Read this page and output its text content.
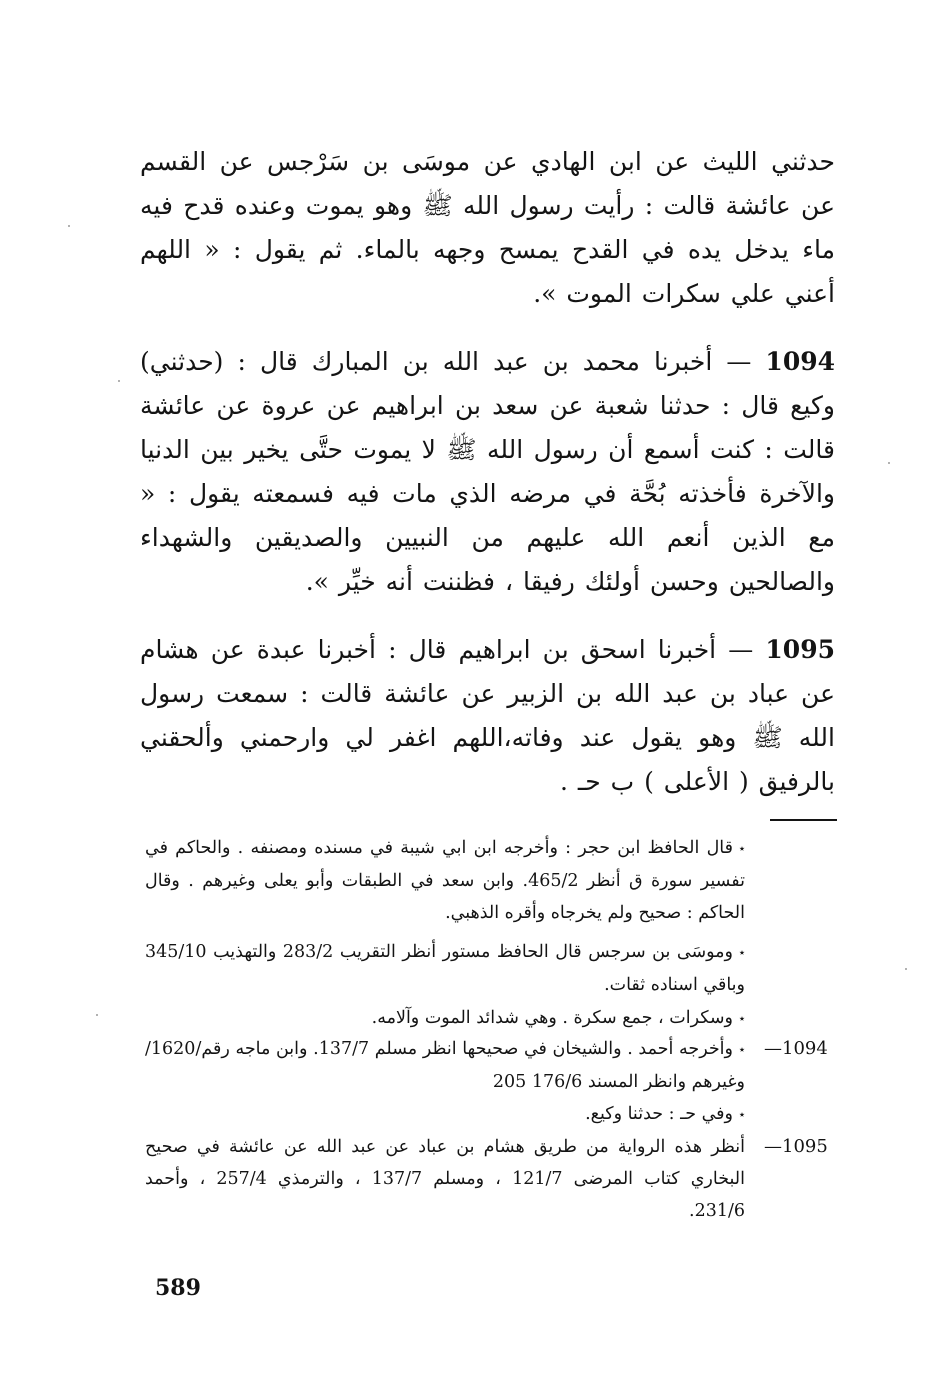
حدثني الليث عن ابن الهادي عن موسَى بن سَرْجس عن القسم عن عائشة قالت : رأيت رسول الله ﷺ وهو يموت وعنده قدح فيه ماء يدخل يده في القدح يمسح وجهه بالماء. ثم يقول : « اللهم أعني علي سكرات الموت ».

1094 — أخبرنا محمد بن عبد الله بن المبارك قال : (حدثني) وكيع قال : حدثنا شعبة عن سعد بن ابراهيم عن عروة عن عائشة قالت : كنت أسمع أن رسول الله ﷺ لا يموت حتَّى يخير بين الدنيا والآخرة فأخذته بُحَّة في مرضه الذي مات فيه فسمعته يقول : « مع الذين أنعم الله عليهم من النبيين والصديقين والشهداء والصالحين وحسن أولئك رفيقا ، فظننت أنه خيِّر ».

1095 — أخبرنا اسحق بن ابراهيم قال : أخبرنا عبدة عن هشام عن عباد بن عبد الله بن الزبير عن عائشة قالت : سمعت رسول الله ﷺ وهو يقول عند وفاته،اللهم اغفر لي وارحمني وألحقني بالرفيق ( الأعلى ) ب حـ .

٭قال الحافظ ابن حجر : وأخرجه ابن ابي شيبة في مسنده ومصنفه . والحاكم في تفسير سورة ق أنظر 465/2. وابن سعد في الطبقات وأبو يعلى وغيرهم . وقال الحاكم : صحيح ولم يخرجاه وأقره الذهبي.

٭وموسَى بن سرجس قال الحافظ مستور أنظر التقريب 283/2 والتهذيب 345/10 وباقي اسناده ثقات.

٭وسكرات ، جمع سكرة . وهي شدائد الموت وآلامه.

—1094

٭وأخرجه أحمد . والشيخان في صحيحها انظر مسلم 137/7. وابن ماجه رقم/1620/وغيرهم وانظر المسند 176/6 205

٭وفي حـ : حدثنا وكيع.

—1095

أنظر هذه الرواية من طريق هشام بن عباد عن عبد الله عن عائشة في صحيح البخاري كتاب المرضى 121/7 ، ومسلم 137/7 ، والترمذي 257/4 ، وأحمد 231/6.

589
